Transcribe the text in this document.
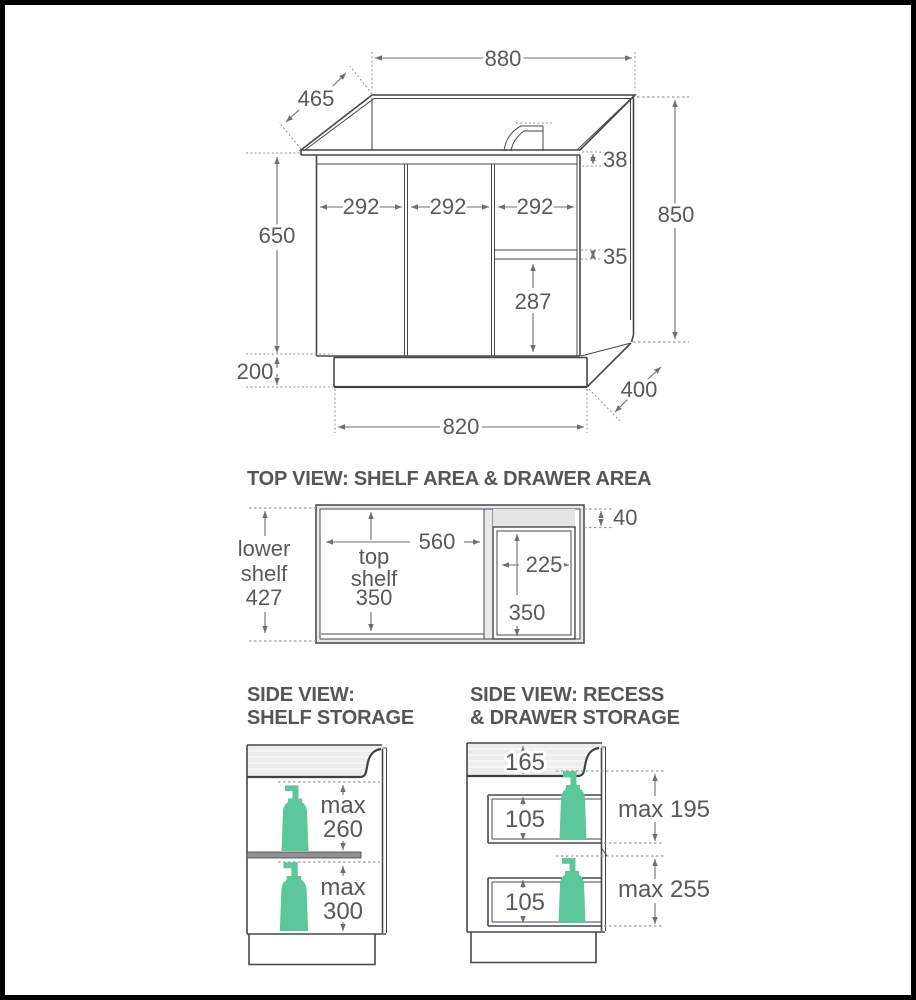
880
465
38
292 292 292
650
850
35
287
200
400
820
lower
shelf
427
560
top
shelf
350
225
350
40
max
260
max
300
165
105	max 195
105	max 255
TOP VIEW: SHELF AREA & DRAWER AREA
SIDE VIEW:
SHELF STORAGE
SIDE VIEW: RECESS
& DRAWER STORAGE
